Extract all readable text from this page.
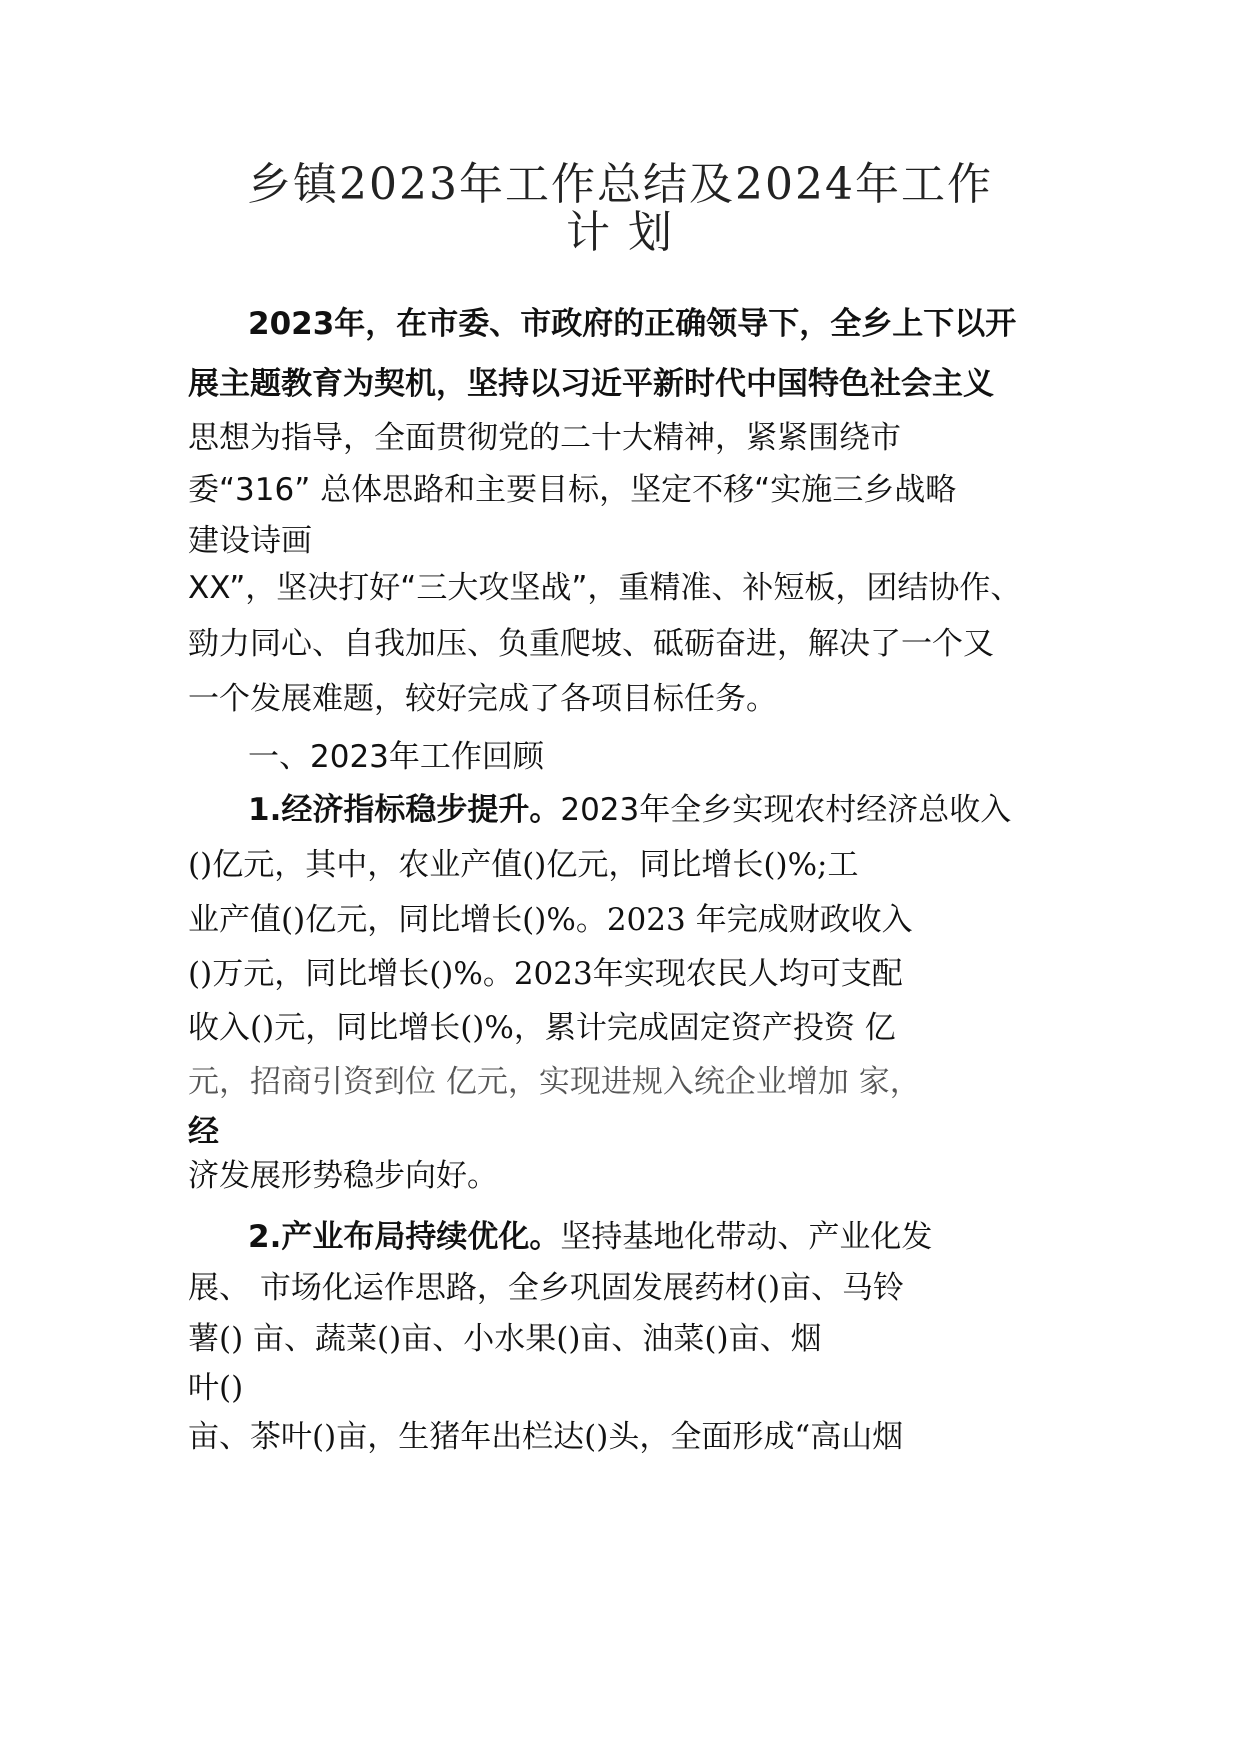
乡镇2023年工作总结及2024年工作
计 划
2023年，在市委、市政府的正确领导下，全乡上下以开
展主题教育为契机，坚持以习近平新时代中国特色社会主义
思想为指导，全面贯彻党的二十大精神，紧紧围绕市
委“316” 总体思路和主要目标，坚定不移“实施三乡战略
建设诗画
XX”，坚决打好“三大攻坚战”，重精准、补短板，团结协作、
勁力同心、自我加压、负重爬坡、砥砺奋进，解决了一个又
一个发展难题，较好完成了各项目标任务。
一、2023年工作回顾
1.经济指标稳步提升。2023年全乡实现农村经济总收入
()亿元，其中，农业产值()亿元，同比增长()%;工
业产值()亿元，同比增长()%。2023 年完成财政收入
()万元，同比增长()%。2023年实现农民人均可支配
收入()元，同比增长()%，累计完成固定资产投资 亿
元，招商引资到位 亿元，实现进规入统企业增加 家，
经
济发展形势稳步向好。
2.产业布局持续优化。坚持基地化带动、产业化发
展、 市场化运作思路，全乡巩固发展药材()亩、马铃
薯() 亩、蔬菜()亩、小水果()亩、油菜()亩、烟
叶()
亩、茶叶()亩，生猪年出栏达()头，全面形成“高山烟
